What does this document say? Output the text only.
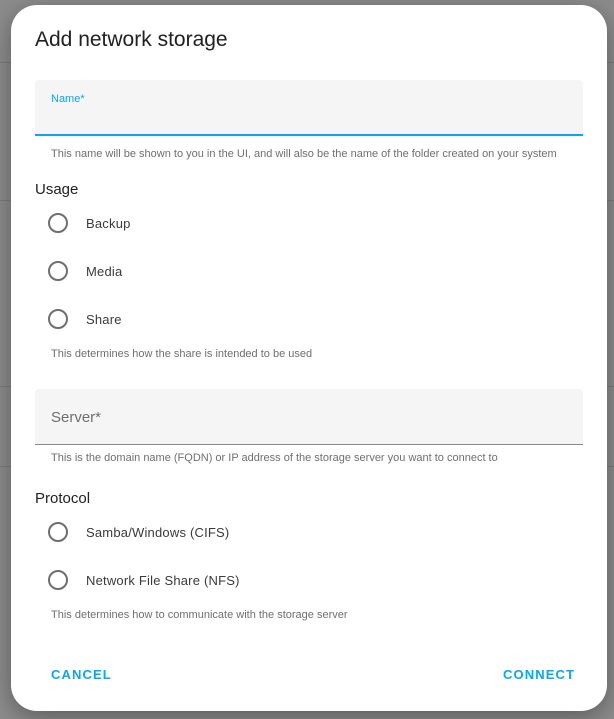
Add network storage
Name*
This name will be shown to you in the UI, and will also be the name of the folder created on your system
Usage
Backup
Media
Share
This determines how the share is intended to be used
Server*
This is the domain name (FQDN) or IP address of the storage server you want to connect to
Protocol
Samba/Windows (CIFS)
Network File Share (NFS)
This determines how to communicate with the storage server
CANCEL	CONNECT
